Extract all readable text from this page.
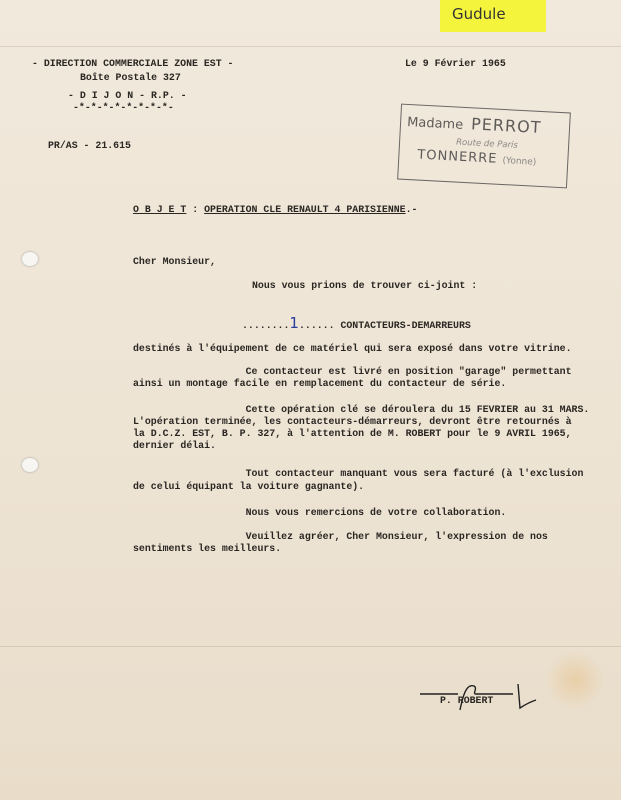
Gudule
- DIRECTION COMMERCIALE ZONE EST -
Boîte Postale 327
- D I J O N - R.P. -
-*-*-*-*-*-*-*-*-
Le 9 Février 1965
Madame PERROT
Route de Paris
TONNERRE (Yonne)
PR/AS - 21.615
O B J E T : OPERATION CLE RENAULT 4 PARISIENNE.-
Cher Monsieur,
Nous vous prions de trouver ci-joint :
........1...... CONTACTEURS-DEMARREURS
destinés à l'équipement de ce matériel qui sera exposé dans votre vitrine.
Ce contacteur est livré en position "garage" permettant
ainsi un montage facile en remplacement du contacteur de série.
Cette opération clé se déroulera du 15 FEVRIER au 31 MARS.
L'opération terminée, les contacteurs-démarreurs, devront être retournés à
la D.C.Z. EST, B. P. 327, à l'attention de M. ROBERT pour le 9 AVRIL 1965,
dernier délai.
Tout contacteur manquant vous sera facturé (à l'exclusion
de celui équipant la voiture gagnante).
Nous vous remercions de votre collaboration.
Veuillez agréer, Cher Monsieur, l'expression de nos
sentiments les meilleurs.
P. ROBERT
